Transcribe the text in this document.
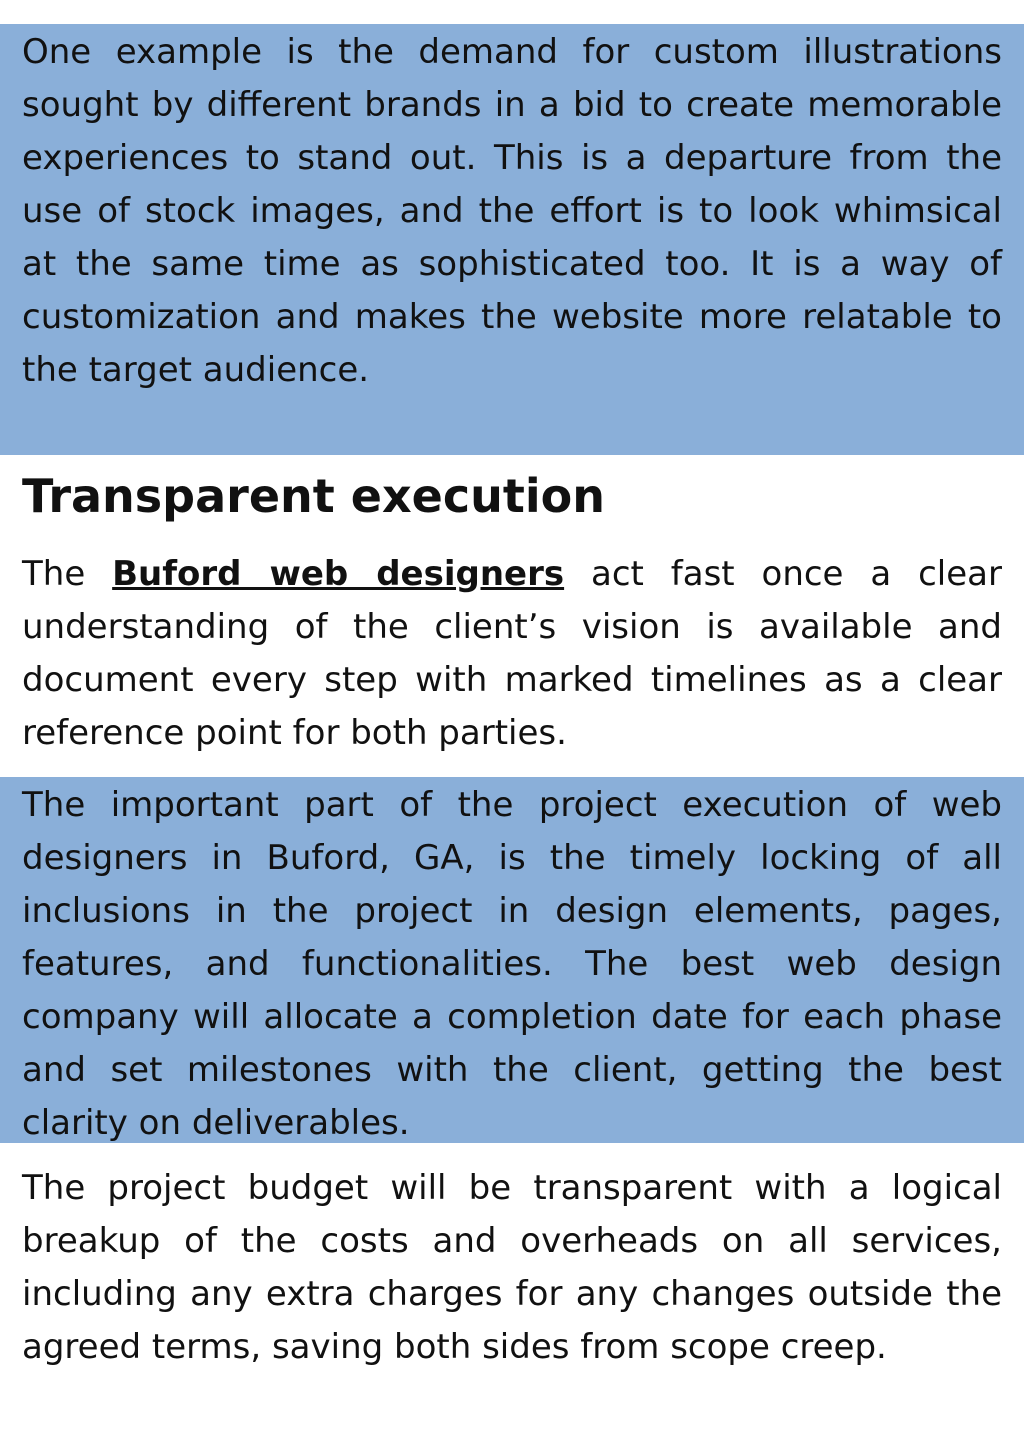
One example is the demand for custom illustrations sought by different brands in a bid to create memorable experiences to stand out. This is a departure from the use of stock images, and the effort is to look whimsical at the same time as sophisticated too. It is a way of customization and makes the website more relatable to the target audience.

Transparent execution

The Buford web designers act fast once a clear understanding of the client’s vision is available and document every step with marked timelines as a clear reference point for both parties.

The important part of the project execution of web designers in Buford, GA, is the timely locking of all inclusions in the project in design elements, pages, features, and functionalities. The best web design company will allocate a completion date for each phase and set milestones with the client, getting the best clarity on deliverables.

The project budget will be transparent with a logical breakup of the costs and overheads on all services, including any extra charges for any changes outside the agreed terms, saving both sides from scope creep.
